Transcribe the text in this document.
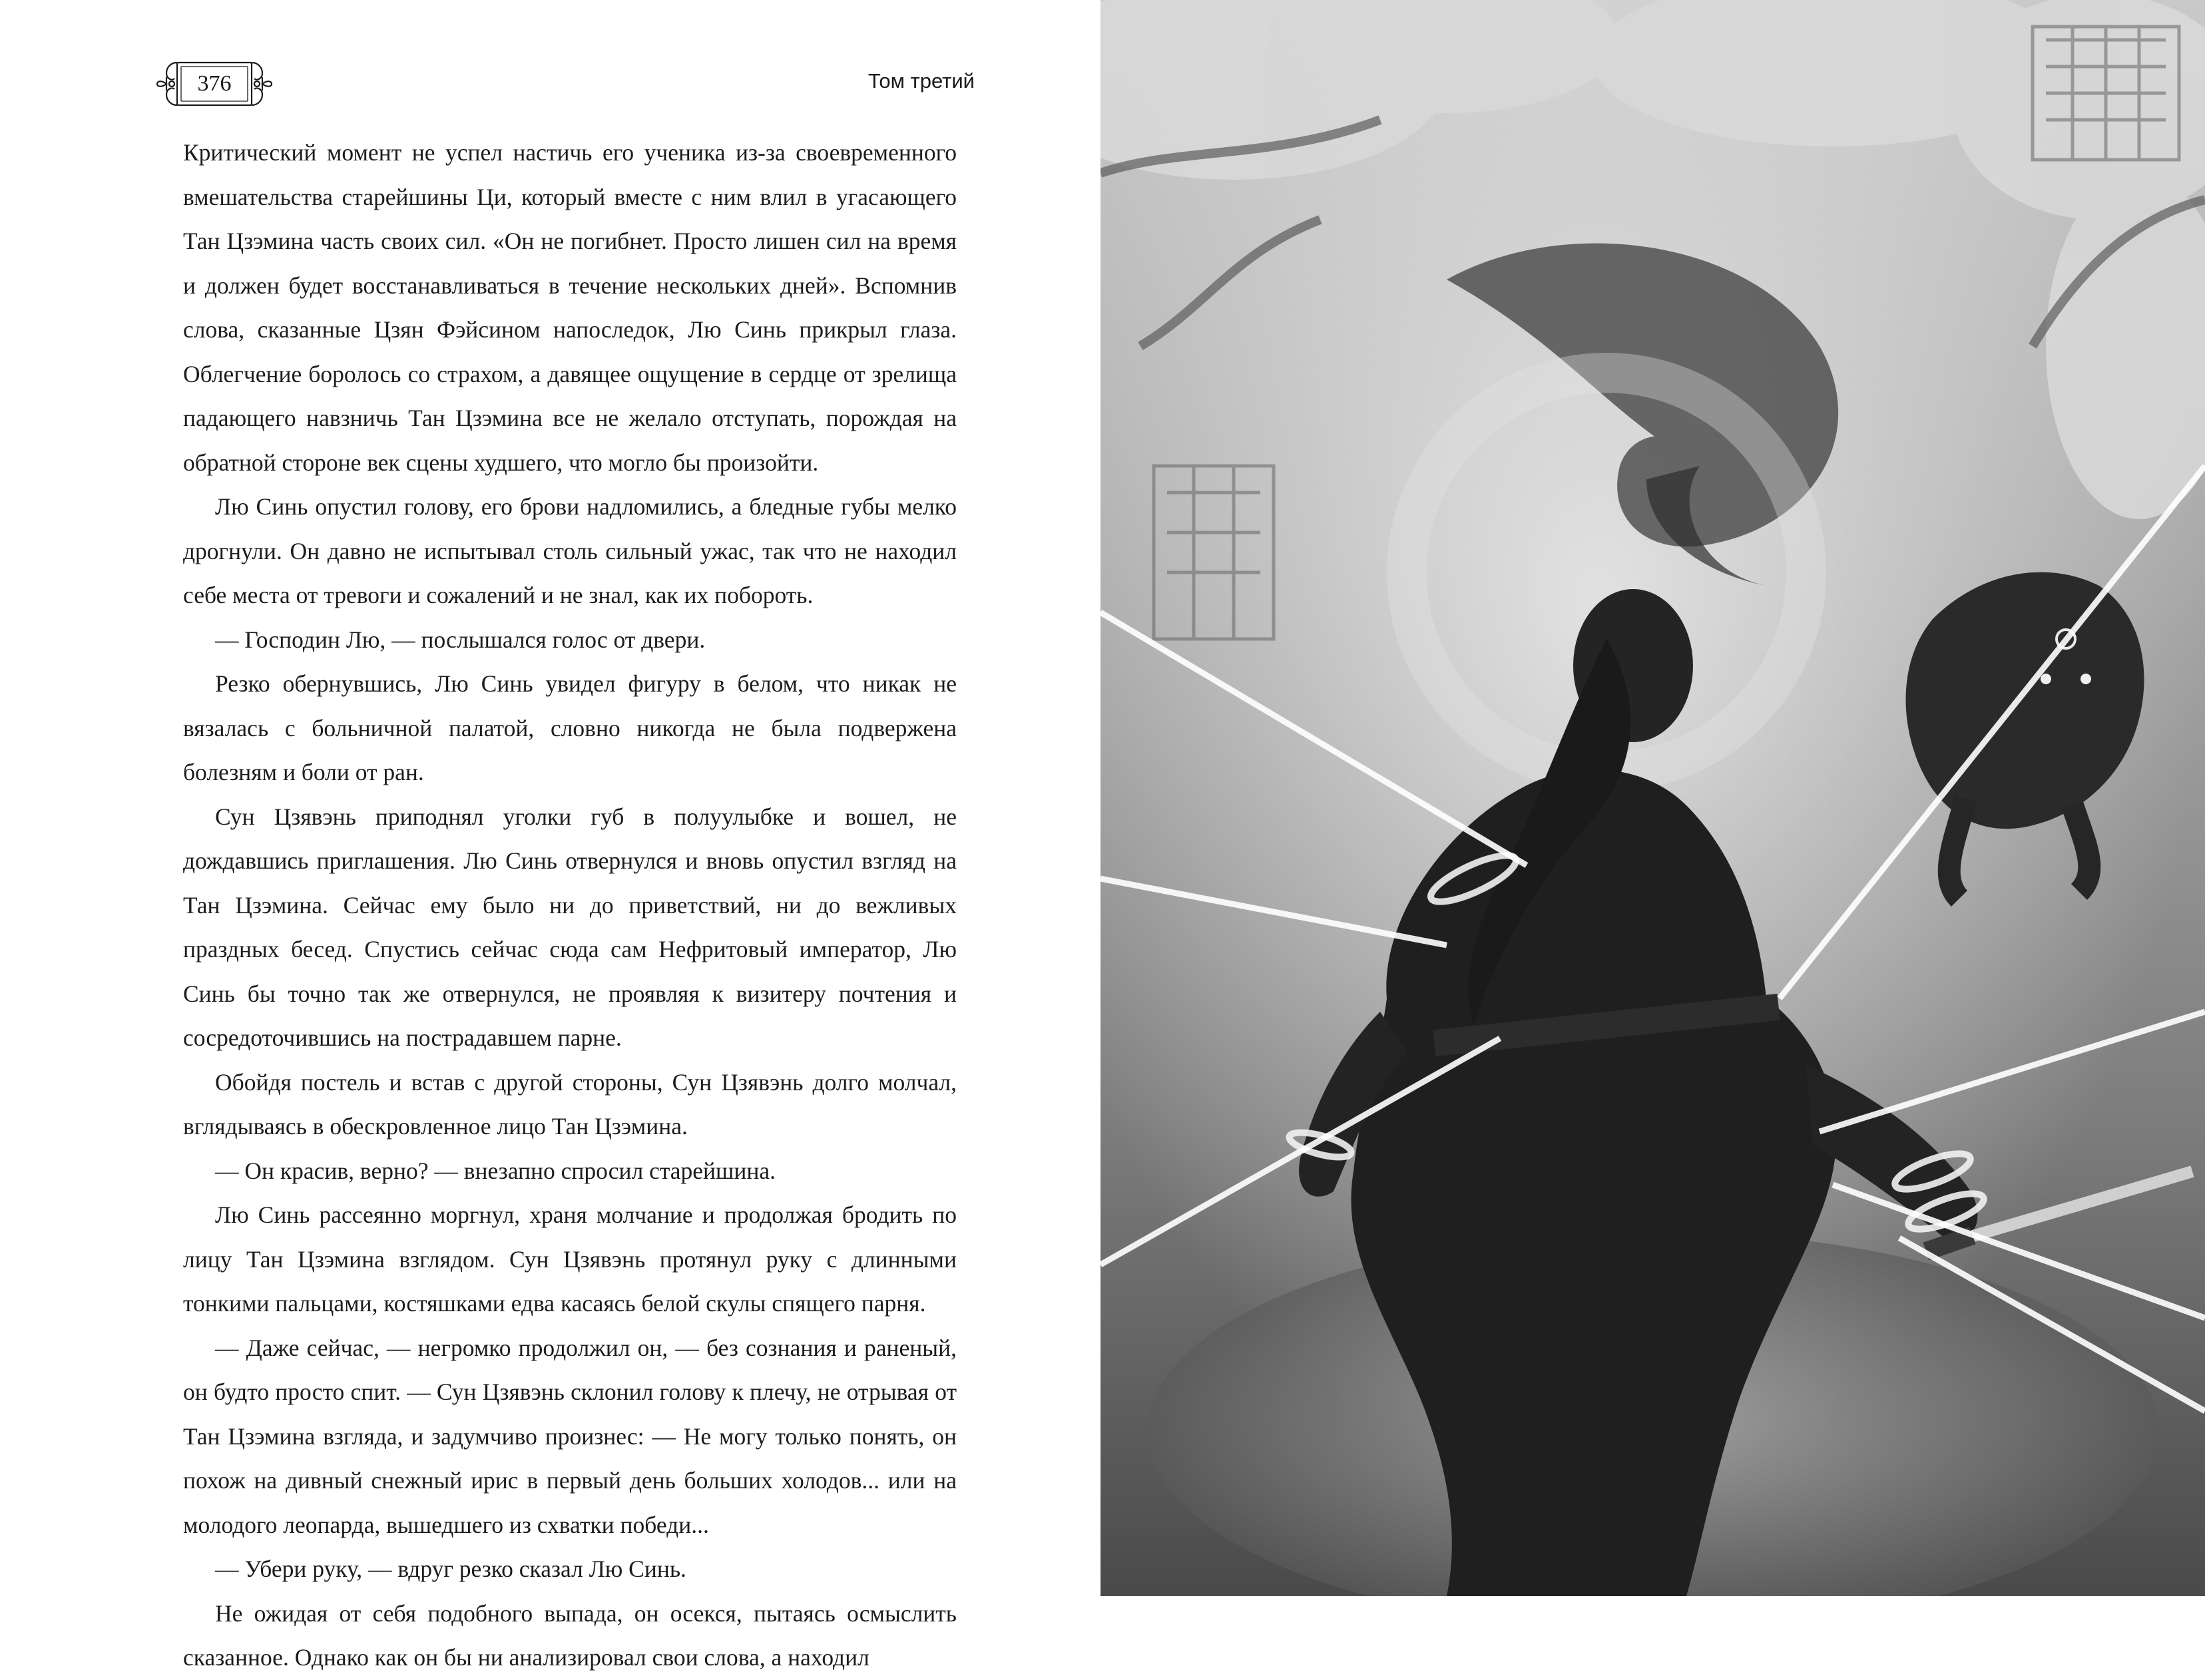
376	Том третий

Критический момент не успел настичь его ученика из-за своевременного вмешательства старейшины Ци, который вместе с ним влил в угасающего Тан Цзэмина часть своих сил. «Он не погибнет. Просто лишен сил на время и должен будет восстанавливаться в течение нескольких дней». Вспомнив слова, сказанные Цзян Фэйсином напоследок, Лю Синь прикрыл глаза. Облегчение боролось со страхом, а давящее ощущение в сердце от зрелища падающего навзничь Тан Цзэмина все не желало отступать, порождая на обратной стороне век сцены худшего, что могло бы произойти.

Лю Синь опустил голову, его брови надломились, а бледные губы мелко дрогнули. Он давно не испытывал столь сильный ужас, так что не находил себе места от тревоги и сожалений и не знал, как их побороть.

— Господин Лю, — послышался голос от двери.

Резко обернувшись, Лю Синь увидел фигуру в белом, что никак не вязалась с больничной палатой, словно никогда не была подвержена болезням и боли от ран.

Сун Цзявэнь приподнял уголки губ в полуулыбке и вошел, не дождавшись приглашения. Лю Синь отвернулся и вновь опустил взгляд на Тан Цзэмина. Сейчас ему было ни до приветствий, ни до вежливых праздных бесед. Спустись сейчас сюда сам Нефритовый император, Лю Синь бы точно так же отвернулся, не проявляя к визитеру почтения и сосредоточившись на пострадавшем парне.

Обойдя постель и встав с другой стороны, Сун Цзявэнь долго молчал, вглядываясь в обескровленное лицо Тан Цзэмина.

— Он красив, верно? — внезапно спросил старейшина.

Лю Синь рассеянно моргнул, храня молчание и продолжая бродить по лицу Тан Цзэмина взглядом. Сун Цзявэнь протянул руку с длинными тонкими пальцами, костяшками едва касаясь белой скулы спящего парня.

— Даже сейчас, — негромко продолжил он, — без сознания и раненый, он будто просто спит. — Сун Цзявэнь склонил голову к плечу, не отрывая от Тан Цзэмина взгляда, и задумчиво произнес: — Не могу только понять, он похож на дивный снежный ирис в первый день больших холодов... или на молодого леопарда, вышедшего из схватки победи...

— Убери руку, — вдруг резко сказал Лю Синь.

Не ожидая от себя подобного выпада, он осекся, пытаясь осмыслить сказанное. Однако как он бы ни анализировал свои слова, а находил
